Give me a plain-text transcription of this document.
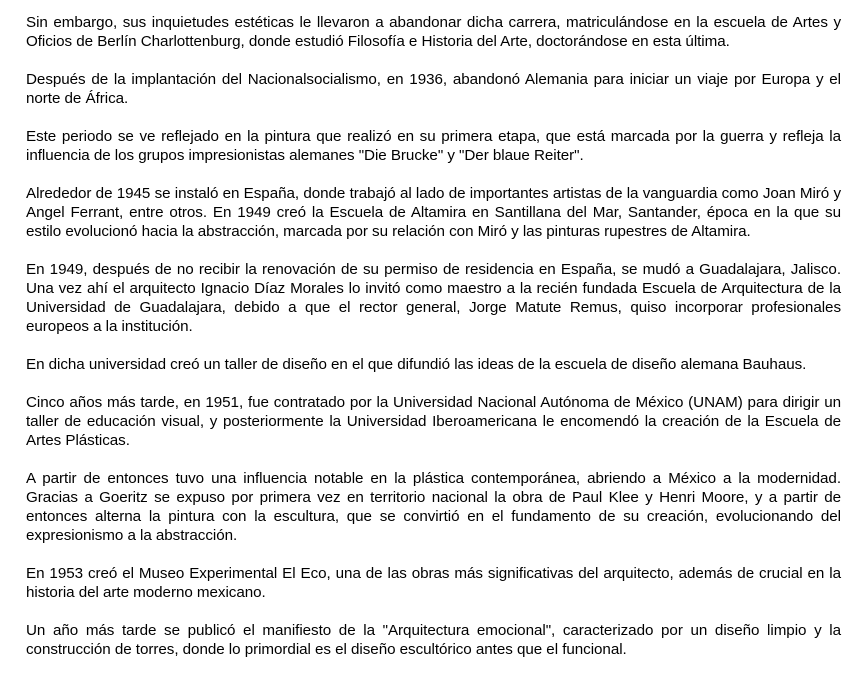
Sin embargo, sus inquietudes estéticas le llevaron a abandonar dicha carrera, matriculándose en la escuela de Artes y Oficios de Berlín Charlottenburg, donde estudió Filosofía e Historia del Arte, doctorándose en esta última.

Después de la implantación del Nacionalsocialismo, en 1936, abandonó Alemania para iniciar un viaje por Europa y el norte de África.

Este periodo se ve reflejado en la pintura que realizó en su primera etapa, que está marcada por la guerra y refleja la influencia de los grupos impresionistas alemanes "Die Brucke" y "Der blaue Reiter".

Alrededor de 1945 se instaló en España, donde trabajó al lado de importantes artistas de la vanguardia como Joan Miró y Angel Ferrant, entre otros. En 1949 creó la Escuela de Altamira en Santillana del Mar, Santander, época en la que su estilo evolucionó hacia la abstracción, marcada por su relación con Miró y las pinturas rupestres de Altamira.

En 1949, después de no recibir la renovación de su permiso de residencia en España, se mudó a Guadalajara, Jalisco. Una vez ahí el arquitecto Ignacio Díaz Morales lo invitó como maestro a la recién fundada Escuela de Arquitectura de la Universidad de Guadalajara, debido a que el rector general, Jorge Matute Remus, quiso incorporar profesionales europeos a la institución.

En dicha universidad creó un taller de diseño en el que difundió las ideas de la escuela de diseño alemana Bauhaus.

Cinco años más tarde, en 1951, fue contratado por la Universidad Nacional Autónoma de México (UNAM) para dirigir un taller de educación visual, y posteriormente la Universidad Iberoamericana le encomendó la creación de la Escuela de Artes Plásticas.

A partir de entonces tuvo una influencia notable en la plástica contemporánea, abriendo a México a la modernidad. Gracias a Goeritz se expuso por primera vez en territorio nacional la obra de Paul Klee y Henri Moore, y a partir de entonces alterna la pintura con la escultura, que se convirtió en el fundamento de su creación, evolucionando del expresionismo a la abstracción.

En 1953 creó el Museo Experimental El Eco, una de las obras más significativas del arquitecto, además de crucial en la historia del arte moderno mexicano.

Un año más tarde se publicó el manifiesto de la "Arquitectura emocional", caracterizado por un diseño limpio y la construcción de torres, donde lo primordial es el diseño escultórico antes que el funcional.
